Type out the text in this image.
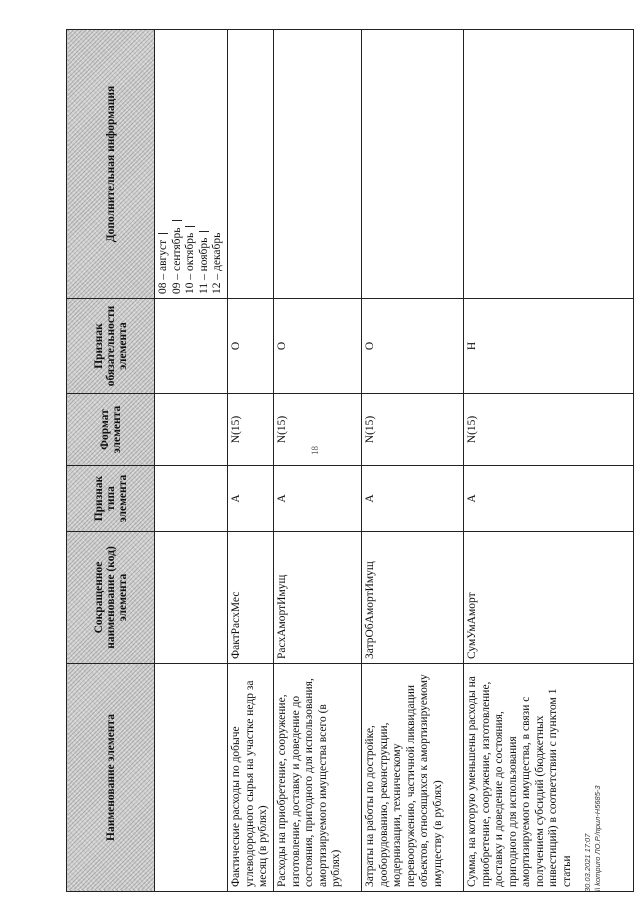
18
30.03.2021 17:07 \\ kompuro ЛО.Р./прил-Н5685-3
Наименование элемента	Сокращенное наименование (код) элемента	Признак типа элемента	Формат элемента	Признак обязательности элемента	Дополнительная информация

					08 – август 09 – сентябрь 10 – октябрь 11 – ноябрь 12 – декабрь

Фактические расходы по добыче углеводородного сырья на участке недр за месяц (в рублях)	ФактРасхМес	А	N(15)	О	
Расходы на приобретение, сооружение, изготовление, доставку и доведение до состояния, пригодного для использования, амортизируемого имущества всего (в рублях)	РасхАмортИмущ	А	N(15)	О	
Затраты на работы по достройке, дооборудованию, реконструкции, модернизации, техническому перевооружению, частичной ликвидации объектов, относящихся к амортизируемому имуществу (в рублях)	ЗатрОбАмортИмущ	А	N(15)	О	
Сумма, на которую уменьшены расходы на приобретение, сооружение, изготовление, доставку и доведение до состояния, пригодного для использования амортизируемого имущества, в связи с получением субсидий (бюджетных инвестиций) в соответствии с пунктом 1 статьи	СумУмАморт	А	N(15)	Н	
